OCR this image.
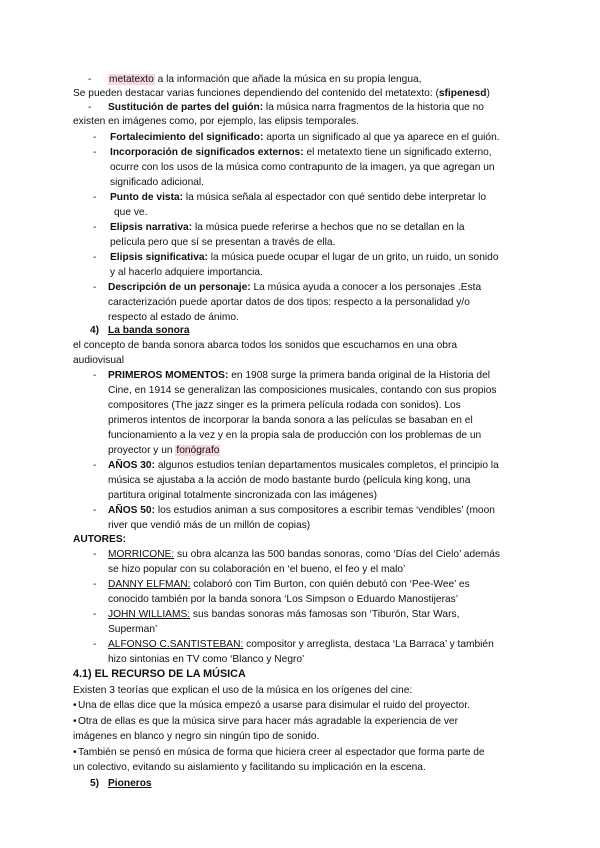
- metatexto a la información que añade la música en su propia lengua,
Se pueden destacar varias funciones dependiendo del contenido del metatexto: (sfipenesd)
- Sustitución de partes del guión: la música narra fragmentos de la historia que no
existen en imágenes como, por ejemplo, las elipsis temporales.
- Fortalecimiento del significado: aporta un significado al que ya aparece en el guión.
- Incorporación de significados externos: el metatexto tiene un significado externo,
ocurre con los usos de la música como contrapunto de la imagen, ya que agregan un
significado adicional.
- Punto de vista: la música señala al espectador con qué sentido debe interpretar lo
que ve.
- Elipsis narrativa: la música puede referirse a hechos que no se detallan en la
película pero que sí se presentan a través de ella.
- Elipsis significativa: la música puede ocupar el lugar de un grito, un ruido, un sonido
y al hacerlo adquiere importancia.
- Descripción de un personaje: La música ayuda a conocer a los personajes .Esta
caracterización puede aportar datos de dos tipos: respecto a la personalidad y/o
respecto al estado de ánimo.
4) La banda sonora
el concepto de banda sonora abarca todos los sonidos que escuchamos en una obra
audiovisual
- PRIMEROS MOMENTOS: en 1908 surge la primera banda original de la Historia del
Cine, en 1914 se generalizan las composiciones musicales, contando con sus propios
compositores (The jazz singer es la primera película rodada con sonidos). Los
primeros intentos de incorporar la banda sonora a las películas se basaban en el
funcionamiento a la vez y en la propia sala de producción con los problemas de un
proyector y un fonógrafo
- AÑOS 30: algunos estudios tenían departamentos musicales completos, el principio la
música se ajustaba a la acción de modo bastante burdo (película king kong, una
partitura original totalmente sincronizada con las imágenes)
- AÑOS 50: los estudios animan a sus compositores a escribir temas ‘vendibles’ (moon
river que vendió más de un millón de copias)
AUTORES:
- MORRICONE: su obra alcanza las 500 bandas sonoras, como ‘Días del Cielo’ además
se hizo popular con su colaboración en ‘el bueno, el feo y el malo’
- DANNY ELFMAN: colaboró con Tim Burton, con quién debutó con ‘Pee-Wee’ es
conocido también por la banda sonora ‘Los Simpson o Eduardo Manostijeras’
- JOHN WILLIAMS: sus bandas sonoras más famosas son ‘Tiburón, Star Wars,
Superman’
- ALFONSO C.SANTISTEBAN: compositor y arreglista, destaca ‘La Barraca’ y también
hizo sintonias en TV como ‘Blanco y Negro’
4.1) EL RECURSO DE LA MÚSICA
Existen 3 teorías que explican el uso de la música en los orígenes del cine:
• Una de ellas dice que la música empezó a usarse para disimular el ruido del proyector.
• Otra de ellas es que la música sirve para hacer más agradable la experiencia de ver
imágenes en blanco y negro sin ningún tipo de sonido.
• También se pensó en música de forma que hiciera creer al espectador que forma parte de
un colectivo, evitando su aislamiento y facilitando su implicación en la escena.
5) Pioneros
